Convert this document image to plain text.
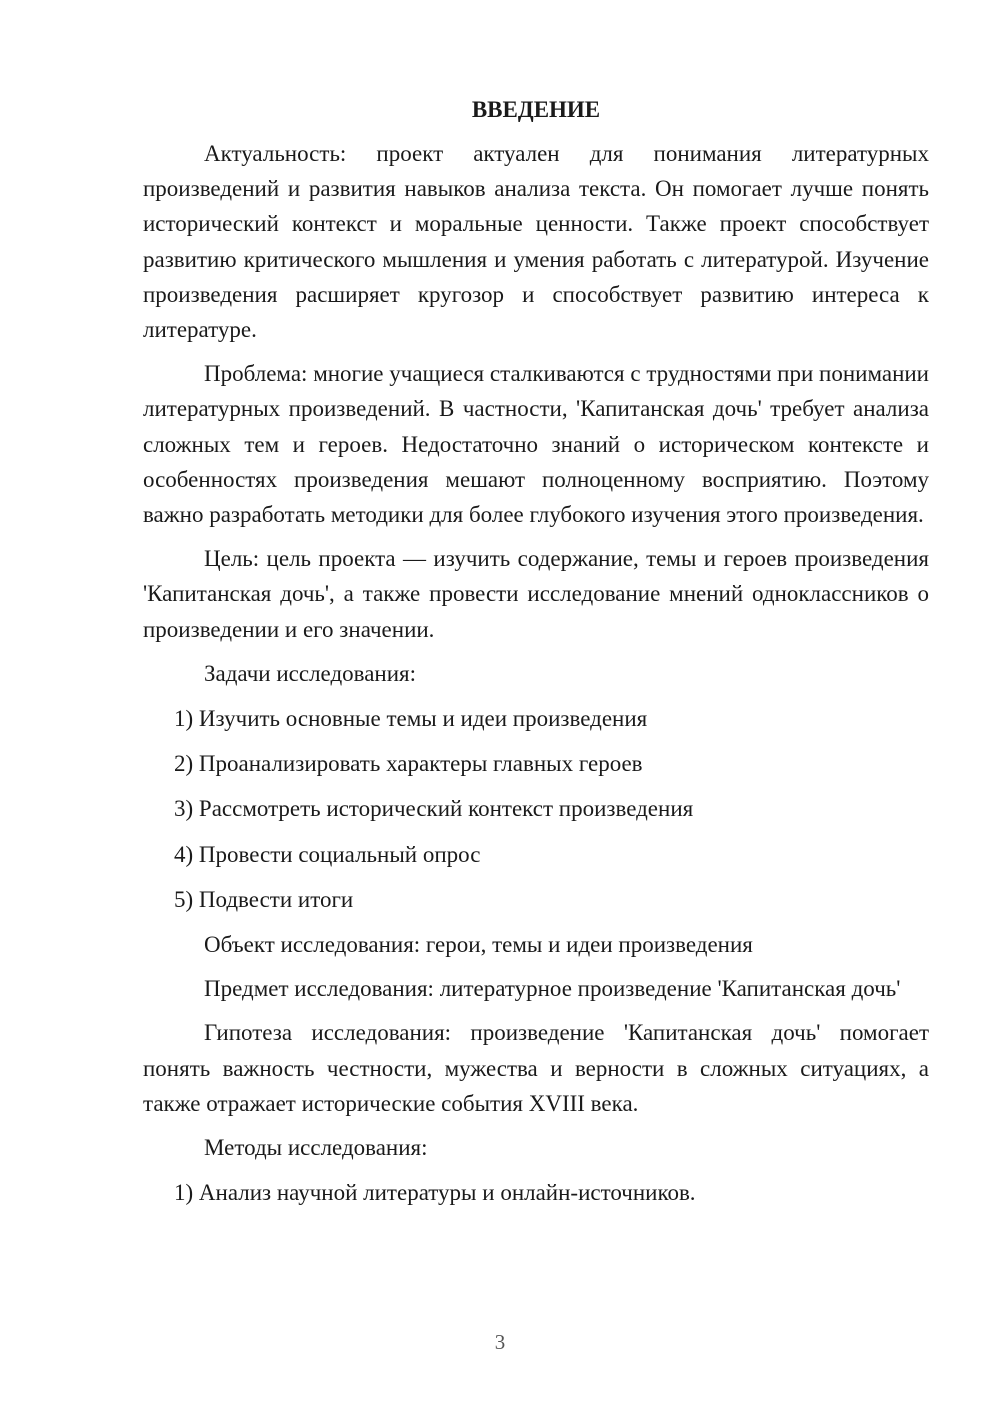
ВВЕДЕНИЕ

Актуальность: проект актуален для понимания литературных произведений и развития навыков анализа текста. Он помогает лучше понять исторический контекст и моральные ценности. Также проект способствует развитию критического мышления и умения работать с литературой. Изучение произведения расширяет кругозор и способствует развитию интереса к литературе.

Проблема: многие учащиеся сталкиваются с трудностями при понимании литературных произведений. В частности, 'Капитанская дочь' требует анализа сложных тем и героев. Недостаточно знаний о историческом контексте и особенностях произведения мешают полноценному восприятию. Поэтому важно разработать методики для более глубокого изучения этого произведения.

Цель: цель проекта — изучить содержание, темы и героев произведения 'Капитанская дочь', а также провести исследование мнений одноклассников о произведении и его значении.

Задачи исследования:

1) Изучить основные темы и идеи произведения

2) Проанализировать характеры главных героев

3) Рассмотреть исторический контекст произведения

4) Провести социальный опрос

5) Подвести итоги

Объект исследования: герои, темы и идеи произведения

Предмет исследования: литературное произведение 'Капитанская дочь'

Гипотеза исследования: произведение 'Капитанская дочь' помогает понять важность честности, мужества и верности в сложных ситуациях, а также отражает исторические события XVIII века.

Методы исследования:

1) Анализ научной литературы и онлайн-источников.

3
